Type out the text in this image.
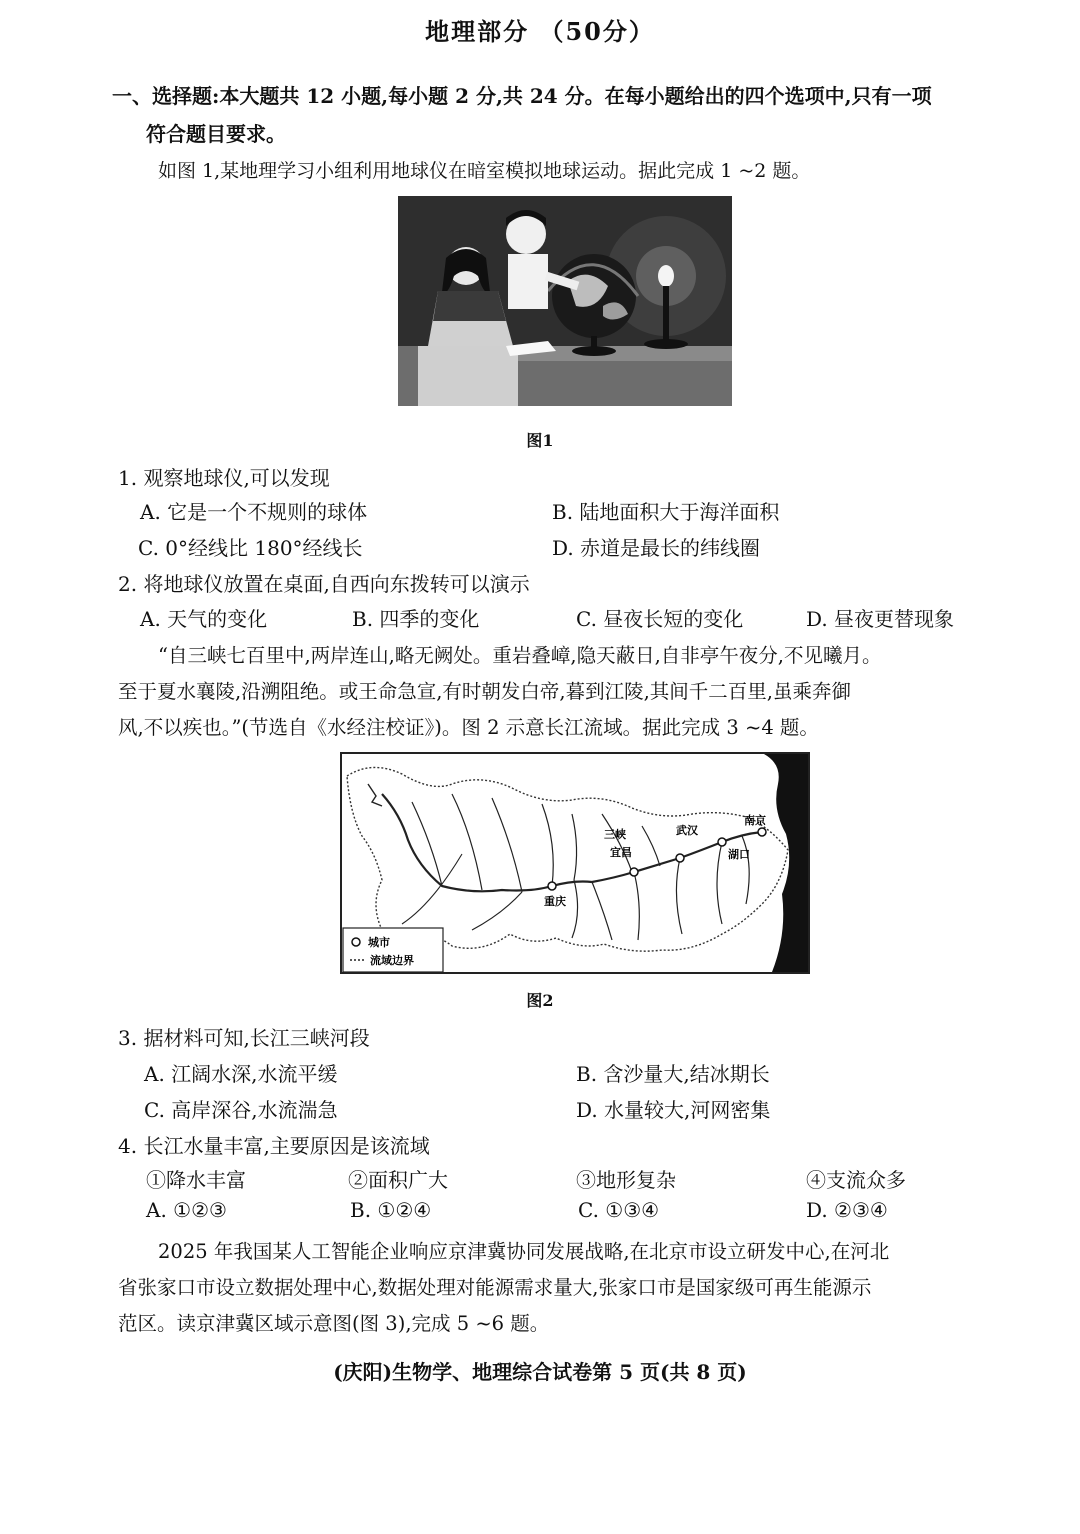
地理部分 （50分）
一、选择题:本大题共 12 小题,每小题 2 分,共 24 分。在每小题给出的四个选项中,只有一项
符合题目要求。
如图 1,某地理学习小组利用地球仪在暗室模拟地球运动。据此完成 1 ~2 题。
图1
1. 观察地球仪,可以发现
A. 它是一个不规则的球体	B. 陆地面积大于海洋面积
C. 0°经线比 180°经线长	D. 赤道是最长的纬线圈
2. 将地球仪放置在桌面,自西向东拨转可以演示
A. 天气的变化	B. 四季的变化	C. 昼夜长短的变化	D. 昼夜更替现象
“自三峡七百里中,两岸连山,略无阙处。重岩叠嶂,隐天蔽日,自非亭午夜分,不见曦月。
至于夏水襄陵,沿溯阻绝。或王命急宣,有时朝发白帝,暮到江陵,其间千二百里,虽乘奔御
风,不以疾也。”(节选自《水经注校证》)。图 2 示意长江流域。据此完成 3 ~4 题。
重庆
宜昌
三峡	武汉
湖口
南京
城市
流域边界
图2
3. 据材料可知,长江三峡河段
A. 江阔水深,水流平缓	B. 含沙量大,结冰期长
C. 高岸深谷,水流湍急	D. 水量较大,河网密集
4. 长江水量丰富,主要原因是该流域
①降水丰富	②面积广大	③地形复杂	④支流众多
A. ①②③	B. ①②④	C. ①③④	D. ②③④
2025 年我国某人工智能企业响应京津冀协同发展战略,在北京市设立研发中心,在河北
省张家口市设立数据处理中心,数据处理对能源需求量大,张家口市是国家级可再生能源示
范区。读京津冀区域示意图(图 3),完成 5 ~6 题。
(庆阳)生物学、地理综合试卷第 5 页(共 8 页)
